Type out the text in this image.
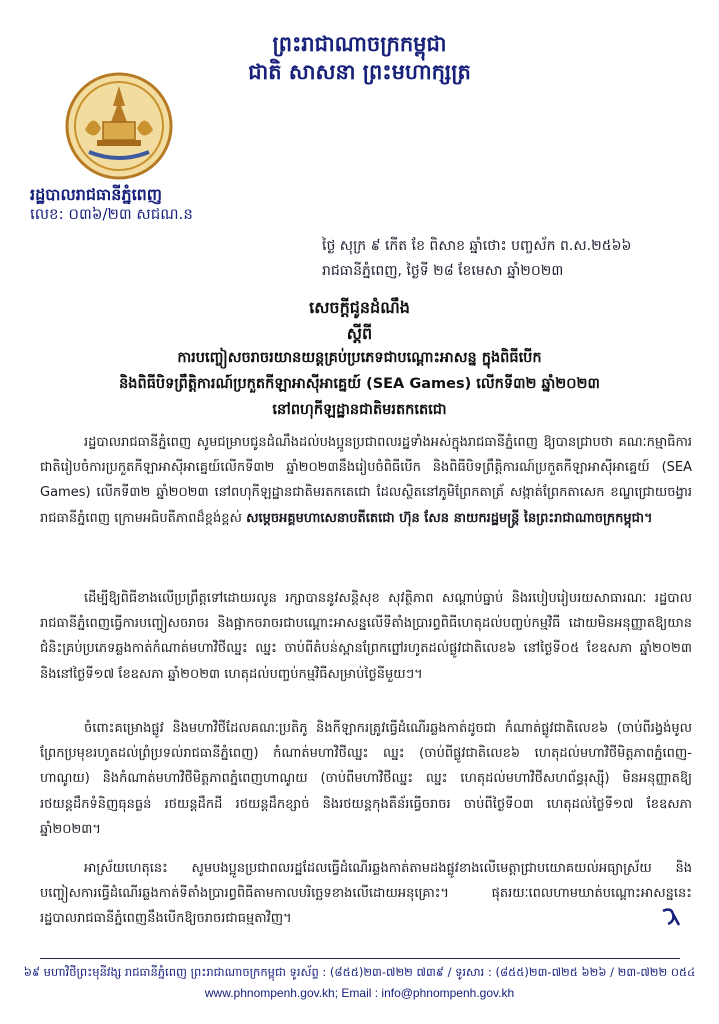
ព្រះរាជាណាចក្រកម្ពុជា
ជាតិ សាសនា ព្រះមហាក្សត្រ
រដ្ឋបាលរាជធានីភ្នំពេញ
លេខ: ០៣៦/២៣ សជណ.ន
ថ្ងៃ សុក្រ ៩ កើត ខែ ពិសាខ ឆ្នាំថោះ បញ្ចស័ក ព.ស.២៥៦៦
រាជធានីភ្នំពេញ, ថ្ងៃទី ២៨ ខែមេសា ឆ្នាំ២០២៣
សេចក្តីជូនដំណឹង
ស្តីពី
ការបញ្ចៀសចរាចរយានយន្តគ្រប់ប្រភេទជាបណ្តោះអាសន្ន ក្នុងពិធីបើក
និងពិធីបិទព្រឹត្តិការណ៍ប្រកួតកីឡាអាស៊ីអាគ្នេយ៍ (SEA Games) លើកទី៣២ ឆ្នាំ២០២៣
នៅពហុកីឡដ្ឋានជាតិមរតកតេជោ
រដ្ឋបាលរាជធានីភ្នំពេញ សូមជម្រាបជូនដំណឹងដល់បងប្អូនប្រជាពលរដ្ឋទាំងអស់ក្នុងរាជធានីភ្នំពេញ ឱ្យបានជ្រាបថា គណៈកម្មាធិការជាតិរៀបចំការប្រកួតកីឡាអាស៊ីអាគ្នេយ៍លើកទី៣២ ឆ្នាំ២០២៣នឹងរៀបចំពិធីបើក និងពិធីបិទព្រឹត្តិការណ៍ប្រកួតកីឡាអាស៊ីអាគ្នេយ៍ (SEA Games) លើកទី៣២ ឆ្នាំ២០២៣ នៅពហុកីឡដ្ឋានជាតិមរតកតេជោ ដែលស្ថិតនៅភូមិព្រែកតាត្រ័ សង្កាត់ព្រែកតាសេក ខណ្ឌជ្រោយចង្វារ រាជធានីភ្នំពេញ ក្រោមអធិបតីភាពដ៏ខ្ពង់ខ្ពស់ សម្តេចអគ្គមហាសេនាបតីតេជោ ហ៊ុន សែន នាយករដ្ឋមន្ត្រី នៃព្រះរាជាណាចក្រកម្ពុជា។
ដើម្បីឱ្យពិធីខាងលើប្រព្រឹត្តទៅដោយរលូន រក្សាបាននូវសន្តិសុខ សុវត្ថិភាព សណ្តាប់ធ្នាប់ និងរបៀបរៀបរយសាធារណៈ រដ្ឋបាលរាជធានីភ្នំពេញធ្វើការបញ្ចៀសចរាចរ និងផ្អាកចរាចរជាបណ្តោះអាសន្នលើទីតាំងប្រារព្ធពិធីហេតុដល់បញ្ចប់កម្មវិធី ដោយមិនអនុញ្ញាតឱ្យយានជំនិះគ្រប់ប្រភេទឆ្លងកាត់កំណាត់មហាវិថីឈ្នះ ឈ្នះ ចាប់ពីតំបន់ស្ពានព្រែកព្នៅរហូតដល់ផ្លូវជាតិលេខ៦ នៅថ្ងៃទី០៥ ខែឧសភា ឆ្នាំ២០២៣ និងនៅថ្ងៃទី១៧ ខែឧសភា ឆ្នាំ២០២៣ ហេតុដល់បញ្ចប់កម្មវិធីសម្រាប់ថ្ងៃនីមួយៗ។
ចំពោះគម្រោងផ្លូវ និងមហាវិថីដែលគណៈប្រតិភូ និងកីឡាករត្រូវធ្វើដំណើរឆ្លងកាត់ដូចជា កំណាត់ផ្លូវជាតិលេខ៦ (ចាប់ពីរង្វង់មូលព្រែកប្រមុខរហូតដល់ព្រំប្រទល់រាជធានីភ្នំពេញ) កំណាត់មហាវិថីឈ្នះ ឈ្នះ (ចាប់ពីផ្លូវជាតិលេខ៦ ហេតុដល់មហាវិថីមិត្តភាពភ្នំពេញ-ហាណូយ) និងកំណាត់មហាវិថីមិត្តភាពភ្នំពេញហាណូយ (ចាប់ពីមហាវិថីឈ្នះ ឈ្នះ ហេតុដល់មហាវិថីសហព័ន្ធរុស្ស៊ី) មិនអនុញ្ញាតឱ្យរថយន្តដឹកទំនិញធុនធ្ងន់ រថយន្តដឹកដី រថយន្តដឹកខ្សាច់ និងរថយន្តកុងតឺន័រធ្វើចរាចរ ចាប់ពីថ្ងៃទី០៣ ហេតុដល់ថ្ងៃទី១៧ ខែឧសភា ឆ្នាំ២០២៣។
អាស្រ័យហេតុនេះ សូមបងប្អូនប្រជាពលរដ្ឋដែលធ្វើដំណើរឆ្លងកាត់តាមដងផ្លូវខាងលើមេត្តាជ្រាបយោគយល់អធ្យាស្រ័យ និងបញ្ចៀសការធ្វើដំណើរឆ្លងកាត់ទីតាំងប្រារព្ធពិធីតាមកាលបរិច្ឆេទខាងលើដោយអនុគ្រោះ។ ផុតរយៈពេលហាមឃាត់បណ្តោះអាសន្ននេះ រដ្ឋបាលរាជធានីភ្នំពេញនឹងបើកឱ្យចរាចរជាធម្មតាវិញ។
៦៩ មហាវិថីព្រះមុនីវង្ស រាជធានីភ្នំពេញ ព្រះរាជាណាចក្រកម្ពុជា ទូរស័ព្ទ : (៨៥៥)២៣-៧២២ ៧៣៩ / ទូរសារ : (៨៥៥)២៣-៧២៥ ៦២៦ / ២៣-៧២២ ០៥៤
www.phnompenh.gov.kh; Email : info@phnompenh.gov.kh
